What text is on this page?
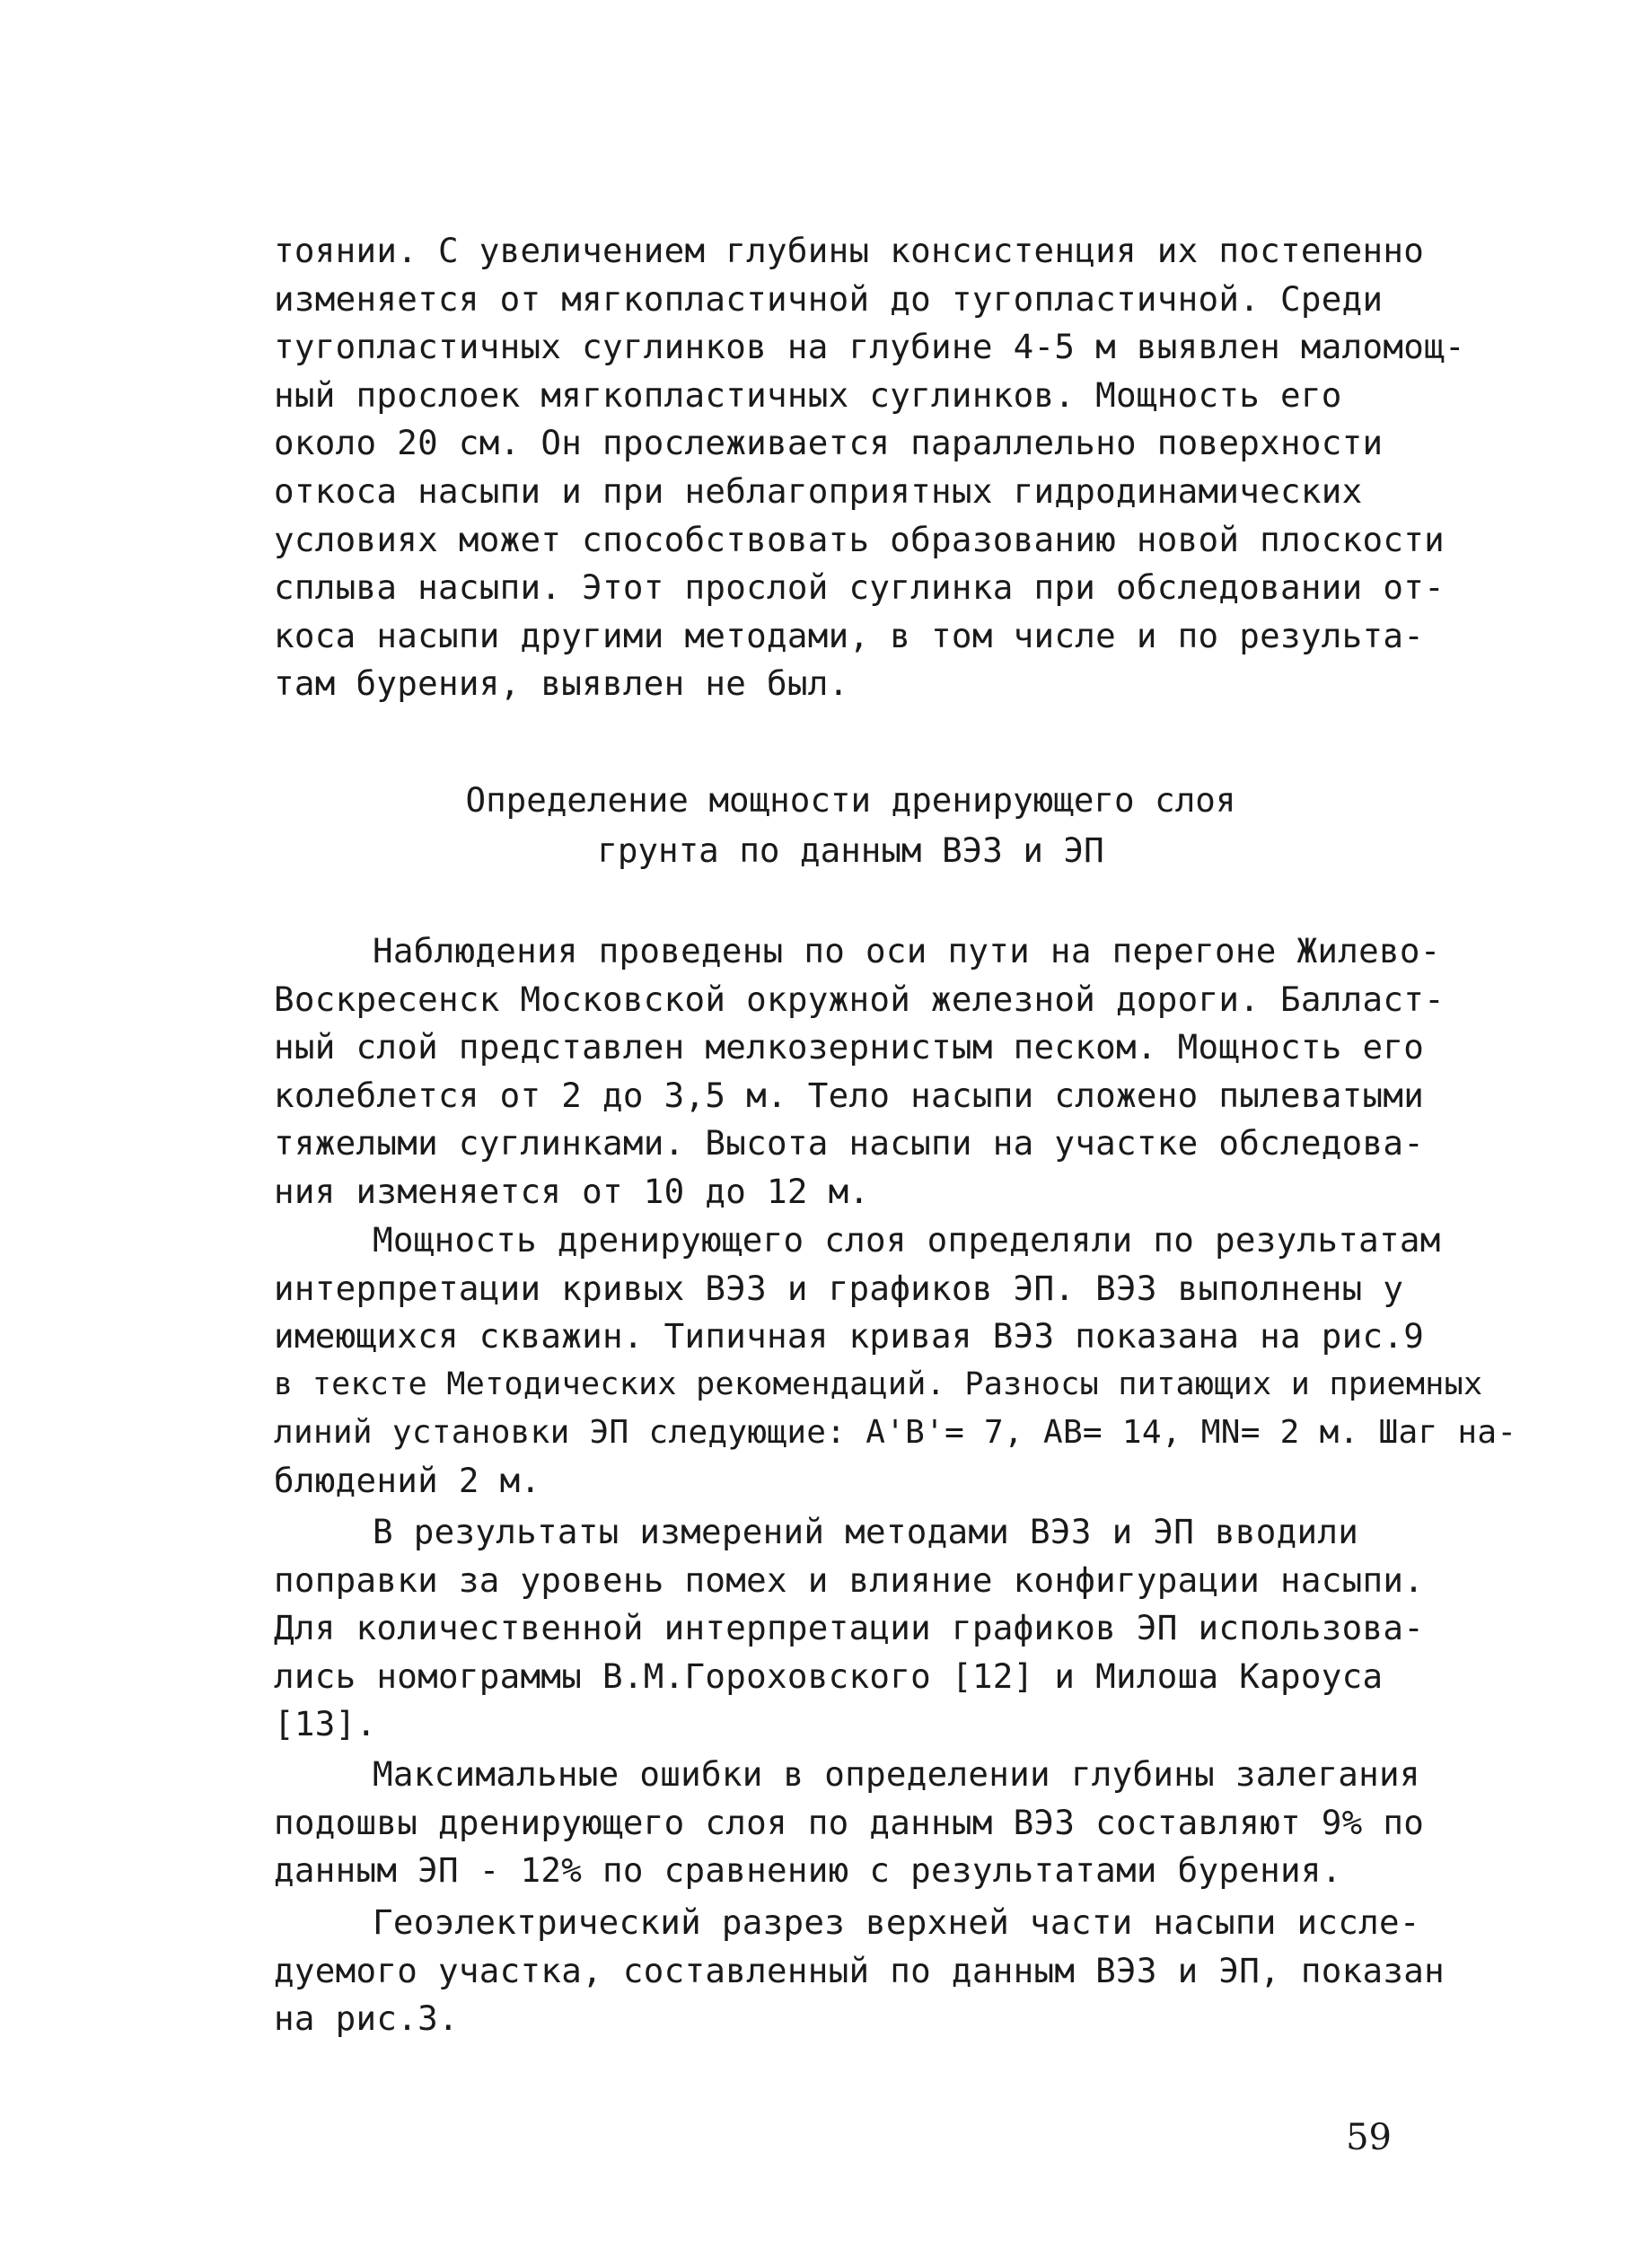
тоянии. С увеличением глубины консистенция их постепенно
изменяется от мягкопластичной до тугопластичной. Среди
тугопластичных суглинков на глубине 4-5 м выявлен маломощ-
ный прослоек мягкопластичных суглинков. Мощность его
около 20 см. Он прослеживается параллельно поверхности
откоса насыпи и при неблагоприятных гидродинамических
условиях может способствовать образованию новой плоскости
сплыва насыпи. Этот прослой суглинка при обследовании от-
коса насыпи другими методами, в том числе и по результа-
там бурения, выявлен не был.
Определение мощности дренирующего слоя
грунта по данным ВЭЗ и ЭП
Наблюдения проведены по оси пути на перегоне Жилево-
Воскресенск Московской окружной железной дороги. Балласт-
ный слой представлен мелкозернистым песком. Мощность его
колеблется от 2 до 3,5 м. Тело насыпи сложено пылеватыми
тяжелыми суглинками. Высота насыпи на участке обследова-
ния изменяется от 10 до 12 м.
Мощность дренирующего слоя определяли по результатам
интерпретации кривых ВЭЗ и графиков ЭП. ВЭЗ выполнены у
имеющихся скважин. Типичная кривая ВЭЗ показана на рис.9
в тексте Методических рекомендаций. Разносы питающих и приемных
линий установки ЭП следующие: A'B'= 7, AB= 14, MN= 2 м. Шаг на-
блюдений 2 м.
В результаты измерений методами ВЭЗ и ЭП вводили
поправки за уровень помех и влияние конфигурации насыпи.
Для количественной интерпретации графиков ЭП использова-
лись номограммы В.М.Гороховского [12] и Милоша Кароуса
[13].
Максимальные ошибки в определении глубины залегания
подошвы дренирующего слоя по данным ВЭЗ составляют 9% по
данным ЭП - 12% по сравнению с результатами бурения.
Геоэлектрический разрез верхней части насыпи иссле-
дуемого участка, составленный по данным ВЭЗ и ЭП, показан
на рис.3.
59
